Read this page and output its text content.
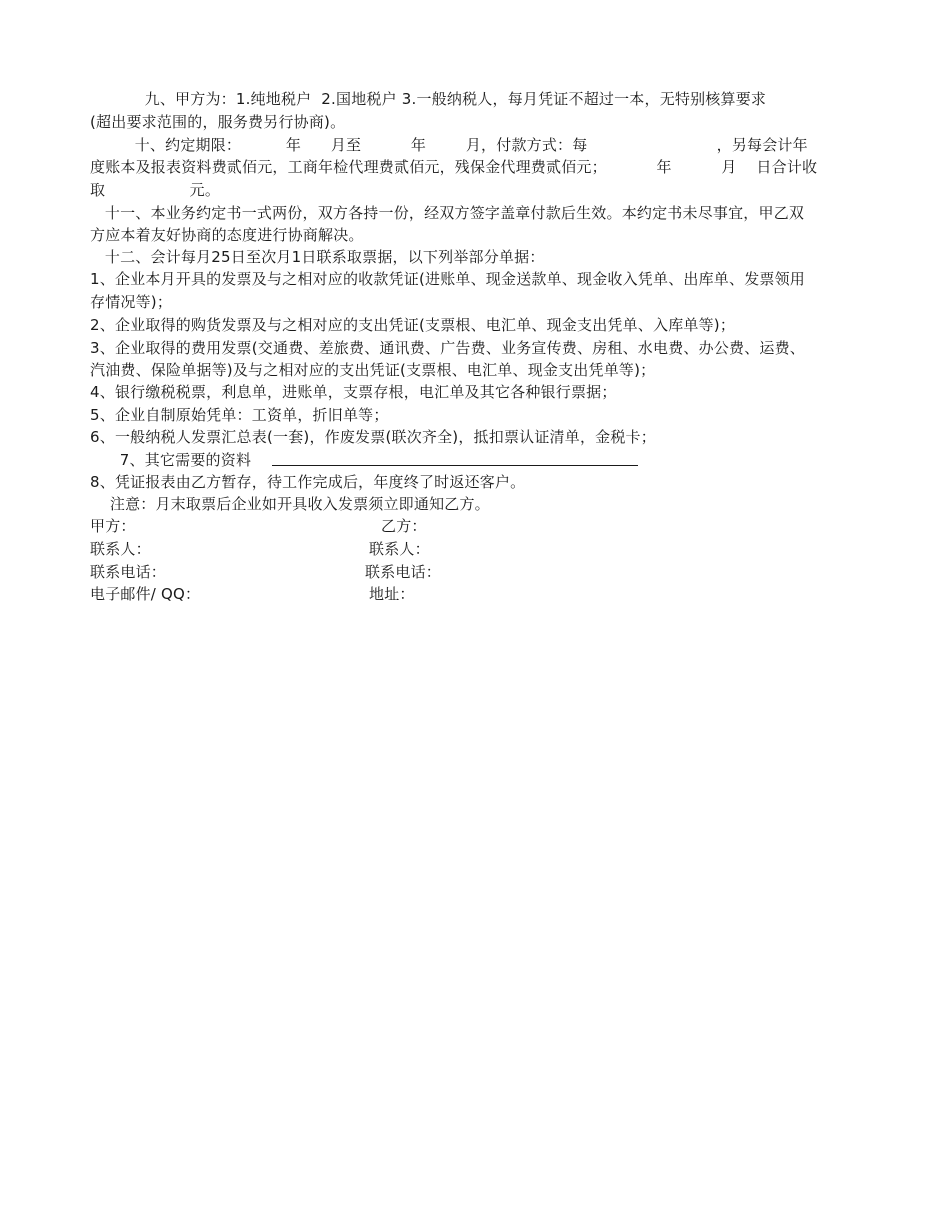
九、甲方为：1.纯地税户  2.国地税户 3.一般纳税人，每月凭证不超过一本，无特别核算要求
(超出要求范围的，服务费另行协商)。
十、约定期限：         年      月至          年        月，付款方式：每                          ，另每会计年
度账本及报表资料费贰佰元，工商年检代理费贰佰元，残保金代理费贰佰元；          年          月    日合计收
取                 元。
十一、本业务约定书一式两份，双方各持一份，经双方签字盖章付款后生效。本约定书未尽事宜，甲乙双
方应本着友好协商的态度进行协商解决。
十二、会计每月25日至次月1日联系取票据，以下列举部分单据：
1、企业本月开具的发票及与之相对应的收款凭证(进账单、现金送款单、现金收入凭单、出库单、发票领用
存情况等)；
2、企业取得的购货发票及与之相对应的支出凭证(支票根、电汇单、现金支出凭单、入库单等)；
3、企业取得的费用发票(交通费、差旅费、通讯费、广告费、业务宣传费、房租、水电费、办公费、运费、
汽油费、保险单据等)及与之相对应的支出凭证(支票根、电汇单、现金支出凭单等)；
4、银行缴税税票，利息单，进账单，支票存根，电汇单及其它各种银行票据；
5、企业自制原始凭单：工资单，折旧单等；
6、一般纳税人发票汇总表(一套)，作废发票(联次齐全)，抵扣票认证清单，金税卡；
7、其它需要的资料
8、凭证报表由乙方暂存，待工作完成后，年度终了时返还客户。
注意：月末取票后企业如开具收入发票须立即通知乙方。
甲方：	乙方：
联系人：	联系人：
联系电话：	联系电话：
电子邮件/ QQ：	地址：
